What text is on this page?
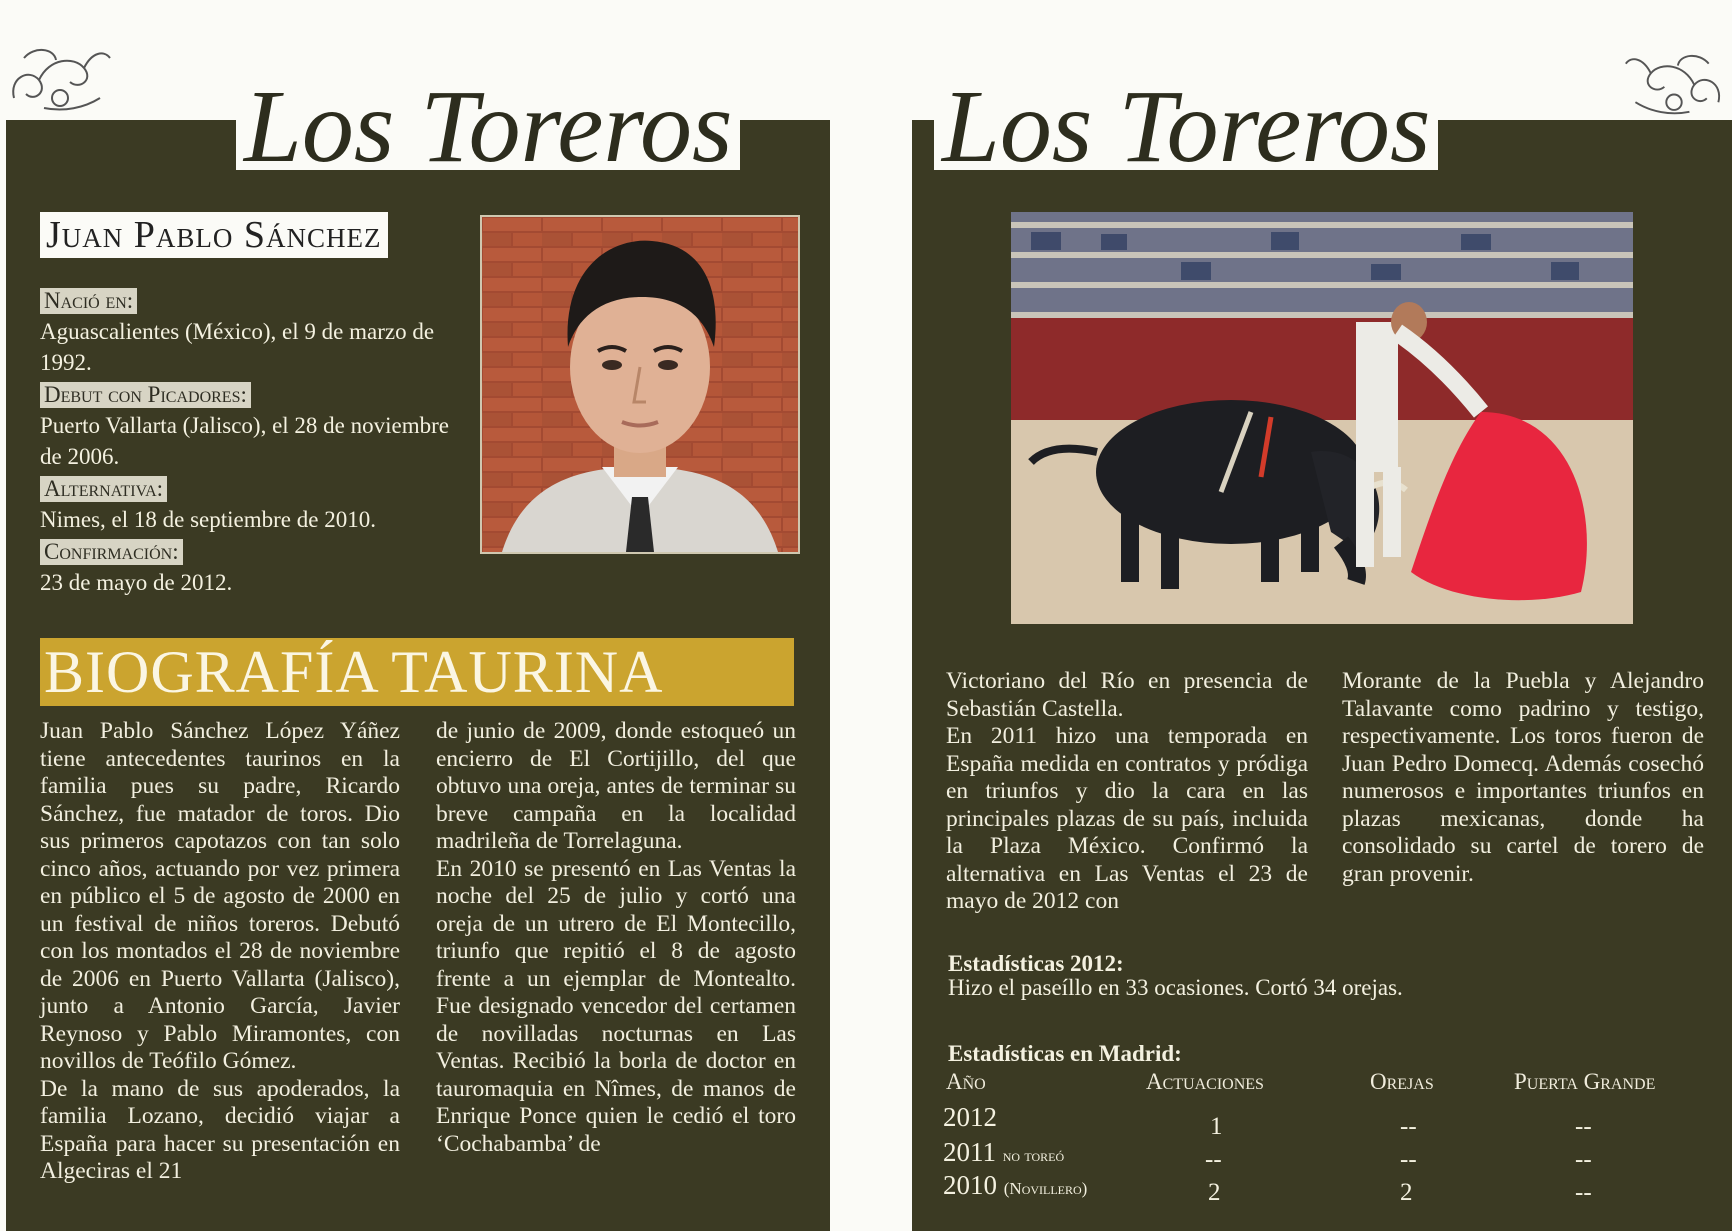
Los Toreros
Juan Pablo Sánchez
Nació en:
Aguascalientes (México), el 9 de marzo de 1992.
Debut con Picadores:
Puerto Vallarta (Jalisco), el 28 de noviembre de 2006.
Alternativa:
Nimes, el 18 de septiembre de 2010.
Confirmación:
23 de mayo de 2012.
BIOGRAFÍA TAURINA

Juan Pablo Sánchez López Yáñez tiene antecedentes taurinos en la familia pues su padre, Ricardo Sánchez, fue matador de toros. Dio sus primeros capotazos con tan solo cinco años, actuando por vez primera en público el 5 de agosto de 2000 en un festival de niños toreros. Debutó con los montados el 28 de noviembre de 2006 en Puerto Vallarta (Jalisco), junto a Antonio García, Javier Reynoso y Pablo Miramontes, con novillos de Teófilo Gómez.

De la mano de sus apoderados, la familia Lozano, decidió viajar a España para hacer su presentación en Algeciras el 21

de junio de 2009, donde estoqueó un encierro de El Cortijillo, del que obtuvo una oreja, antes de terminar su breve campaña en la localidad madrileña de Torrelaguna.

En 2010 se presentó en Las Ventas la noche del 25 de julio y cortó una oreja de un utrero de El Montecillo, triunfo que repitió el 8 de agosto frente a un ejemplar de Montealto. Fue designado vencedor del certamen de novilladas nocturnas en Las Ventas. Recibió la borla de doctor en tauromaquia en Nîmes, de manos de Enrique Ponce quien le cedió el toro ‘Cochabamba’ de

Los Toreros

Victoriano del Río en presencia de Sebastián Castella.

En 2011 hizo una temporada en España medida en contratos y pródiga en triunfos y dio la cara en las principales plazas de su país, incluida la Plaza México. Confirmó la alternativa en Las Ventas el 23 de mayo de 2012 con

Morante de la Puebla y Alejandro Talavante como padrino y testigo, respectivamente. Los toros fueron de Juan Pedro Domecq. Además cosechó numerosos e importantes triunfos en plazas mexicanas, donde ha consolidado su cartel de torero de gran provenir.

Estadísticas 2012:
Hizo el paseíllo en 33 ocasiones. Cortó 34 orejas.
Estadísticas en Madrid:
Año	Actuaciones	Orejas	Puerta Grande
2012	1	--	--
2011 no toreó	--	--	--
2010 (Novillero)	2	2	--
